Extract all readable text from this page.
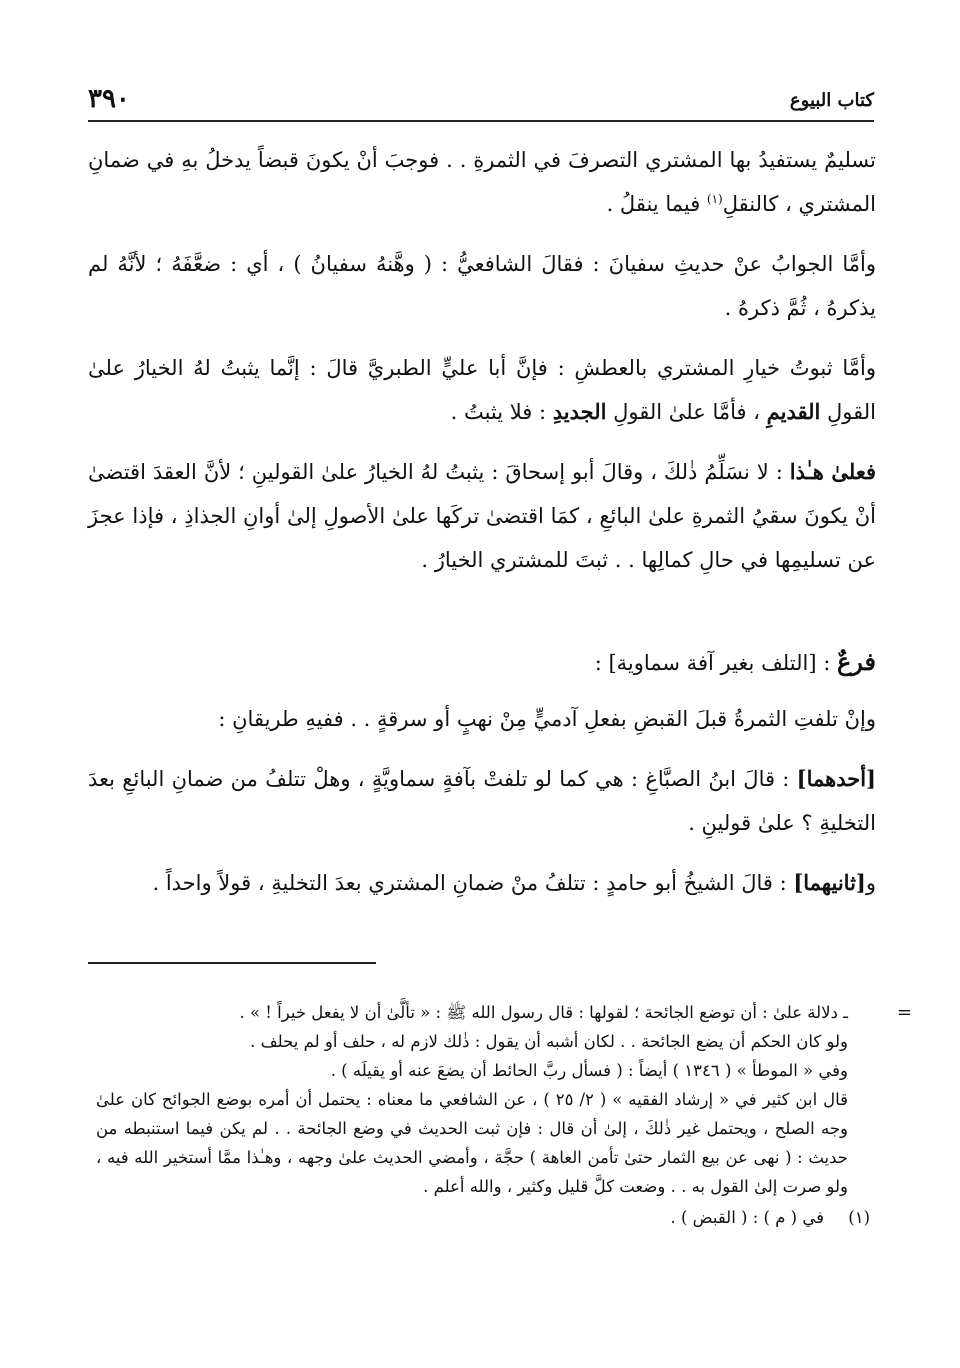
كتاب البيوع
٣٩٠

تسليمٌ يستفيدُ بها المشتري التصرفَ في الثمرةِ . . فوجبَ أنْ يكونَ قبضاً يدخلُ بهِ في ضمانِ المشتري ، كالنقلِ$^{(١)}$ فيما ينقلُ .

وأمَّا الجوابُ عنْ حديثِ سفيانَ : فقالَ الشافعيُّ : ( وهَّنهُ سفيانُ ) ، أي : ضعَّفَهُ ؛ لأنَّهُ لم يذكرهُ ، ثُمَّ ذكرهُ .

وأمَّا ثبوتُ خيارِ المشتري بالعطشِ : فإنَّ أبا عليٍّ الطبريَّ قالَ : إنَّما يثبتُ لهُ الخيارُ علىٰ القولِ القديمِ ، فأمَّا علىٰ القولِ الجديدِ : فلا يثبتُ .

فعلىٰ هـٰذا : لا نسَلِّمُ ذٰلكَ ، وقالَ أبو إسحاقَ : يثبتُ لهُ الخيارُ علىٰ القولينِ ؛ لأنَّ العقدَ اقتضىٰ أنْ يكونَ سقيُ الثمرةِ علىٰ البائعِ ، كمَا اقتضىٰ تركَها علىٰ الأصولِ إلىٰ أوانِ الجذاذِ ، فإذا عجزَ عن تسليمِها في حالِ كمالِها . . ثبتَ للمشتري الخيارُ .

فرعٌ : [التلف بغير آفة سماوية] :

وإنْ تلفتِ الثمرةُ قبلَ القبضِ بفعلِ آدميٍّ مِنْ نهبٍ أو سرقةٍ . . ففيهِ طريقانِ :

[أحدهما] : قالَ ابنُ الصبَّاغِ : هي كما لو تلفتْ بآفةٍ سماويَّةٍ ، وهلْ تتلفُ من ضمانِ البائعِ بعدَ التخليةِ ؟ علىٰ قولينِ .

و[ثانيهما] : قالَ الشيخُ أبو حامدٍ : تتلفُ منْ ضمانِ المشتري بعدَ التخليةِ ، قولاً واحداً .

=
ـ دلالة علىٰ : أن توضع الجائحة ؛ لقولها : قال رسول الله ﷺ : « تألَّىٰ أن لا يفعل خيراً ! » .
ولو كان الحكم أن يضع الجائحة . . لكان أشبه أن يقول : ذٰلك لازم له ، حلف أو لم يحلف .
وفي « الموطأ » ( ١٣٤٦ ) أيضاً : ( فسأل ربَّ الحائط أن يضعَ عنه أو يقيلَه ) .
قال ابن كثير في « إرشاد الفقيه » ( ٢/ ٢٥ ) ، عن الشافعي ما معناه : يحتمل أن أمره بوضع الجوائح كان علىٰ وجه الصلح ، ويحتمل غير ذٰلكَ ، إلىٰ أن قال : فإن ثبت الحديث في وضع الجائحة . . لم يكن فيما استنبطه من حديث : ( نهى عن بيع الثمار حتىٰ تأمن العاهة ) حجَّة ، وأمضي الحديث علىٰ وجهه ، وهـٰذا ممَّا أستخير الله فيه ، ولو صرت إلىٰ القول به . . وضعت كلَّ قليل وكثير ، والله أعلم .
(١)
في ( م ) : ( القبض ) .
